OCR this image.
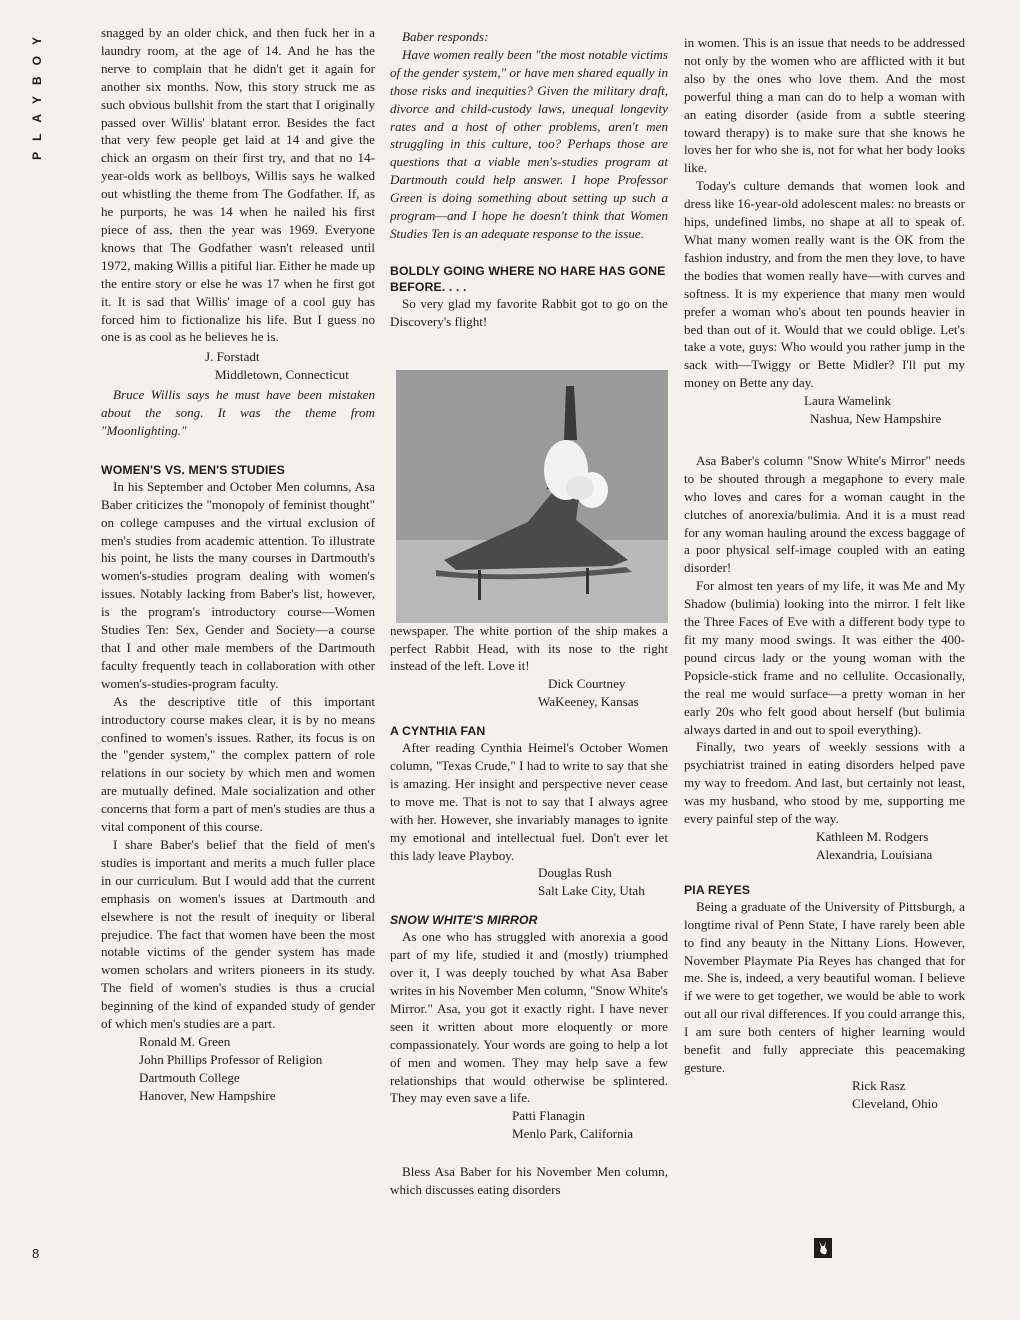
PLAYBOY	snagged by an older chick, and then fuck her in a laundry room, at the age of 14. And he has the nerve to complain that he didn't get it again for another six months. Now, this story struck me as such obvious bullshit from the start that I originally passed over Willis' blatant error. Besides the fact that very few people get laid at 14 and give the chick an orgasm on their first try, and that no 14-year-olds work as bellboys, Willis says he walked out whistling the theme from The Godfather. If, as he purports, he was 14 when he nailed his first piece of ass, then the year was 1969. Everyone knows that The Godfather wasn't released until 1972, making Willis a pitiful liar. Either he made up the entire story or else he was 17 when he first got it. It is sad that Willis' image of a cool guy has forced him to fictionalize his life. But I guess no one is as cool as he believes he is.

J. Forstadt
Middletown, Connecticut

Bruce Willis says he must have been mistaken about the song. It was the theme from "Moonlighting."

WOMEN'S VS. MEN'S STUDIES

In his September and October Men columns, Asa Baber criticizes the "monopoly of feminist thought" on college campuses and the virtual exclusion of men's studies from academic attention. To illustrate his point, he lists the many courses in Dartmouth's women's-studies program dealing with women's issues. Notably lacking from Baber's list, however, is the program's introductory course—Women Studies Ten: Sex, Gender and Society—a course that I and other male members of the Dartmouth faculty frequently teach in collaboration with other women's-studies-program faculty.

As the descriptive title of this important introductory course makes clear, it is by no means confined to women's issues. Rather, its focus is on the "gender system," the complex pattern of role relations in our society by which men and women are mutually defined. Male socialization and other concerns that form a part of men's studies are thus a vital component of this course.

I share Baber's belief that the field of men's studies is important and merits a much fuller place in our curriculum. But I would add that the current emphasis on women's issues at Dartmouth and elsewhere is not the result of inequity or liberal prejudice. The fact that women have been the most notable victims of the gender system has made women scholars and writers pioneers in its study. The field of women's studies is thus a crucial beginning of the kind of expanded study of gender of which men's studies are a part.

Ronald M. Green
John Phillips Professor of Religion
Dartmouth College
Hanover, New Hampshire

Baber responds:

Have women really been "the most notable victims of the gender system," or have men shared equally in those risks and inequities? Given the military draft, divorce and child-custody laws, unequal longevity rates and a host of other problems, aren't men struggling in this culture, too? Perhaps those are questions that a viable men's-studies program at Dartmouth could help answer. I hope Professor Green is doing something about setting up such a program—and I hope he doesn't think that Women Studies Ten is an adequate response to the issue.

BOLDLY GOING WHERE NO HARE HAS GONE BEFORE. . . .

So very glad my favorite Rabbit got to go on the Discovery's flight!

newspaper. The white portion of the ship makes a perfect Rabbit Head, with its nose to the right instead of the left. Love it!

Dick Courtney
WaKeeney, Kansas
A CYNTHIA FAN

After reading Cynthia Heimel's October Women column, "Texas Crude," I had to write to say that she is amazing. Her insight and perspective never cease to move me. That is not to say that I always agree with her. However, she invariably manages to ignite my emotional and intellectual fuel. Don't ever let this lady leave Playboy.

Douglas Rush
Salt Lake City, Utah
SNOW WHITE'S MIRROR

As one who has struggled with anorexia a good part of my life, studied it and (mostly) triumphed over it, I was deeply touched by what Asa Baber writes in his November Men column, "Snow White's Mirror." Asa, you got it exactly right. I have never seen it written about more eloquently or more compassionately. Your words are going to help a lot of men and women. They may help save a few relationships that would otherwise be splintered. They may even save a life.

Patti Flanagin
Menlo Park, California

Bless Asa Baber for his November Men column, which discusses eating disorders

in women. This is an issue that needs to be addressed not only by the women who are afflicted with it but also by the ones who love them. And the most powerful thing a man can do to help a woman with an eating disorder (aside from a subtle steering toward therapy) is to make sure that she knows he loves her for who she is, not for what her body looks like.

Today's culture demands that women look and dress like 16-year-old adolescent males: no breasts or hips, undefined limbs, no shape at all to speak of. What many women really want is the OK from the fashion industry, and from the men they love, to have the bodies that women really have—with curves and softness. It is my experience that many men would prefer a woman who's about ten pounds heavier in bed than out of it. Would that we could oblige. Let's take a vote, guys: Who would you rather jump in the sack with—Twiggy or Bette Midler? I'll put my money on Bette any day.

Laura Wamelink
Nashua, New Hampshire

Asa Baber's column "Snow White's Mirror" needs to be shouted through a megaphone to every male who loves and cares for a woman caught in the clutches of anorexia/bulimia. And it is a must read for any woman hauling around the excess baggage of a poor physical self-image coupled with an eating disorder!

For almost ten years of my life, it was Me and My Shadow (bulimia) looking into the mirror. I felt like the Three Faces of Eve with a different body type to fit my many mood swings. It was either the 400-pound circus lady or the young woman with the Popsicle-stick frame and no cellulite. Occasionally, the real me would surface—a pretty woman in her early 20s who felt good about herself (but bulimia always darted in and out to spoil everything).

Finally, two years of weekly sessions with a psychiatrist trained in eating disorders helped pave my way to freedom. And last, but certainly not least, was my husband, who stood by me, supporting me every painful step of the way.

Kathleen M. Rodgers
Alexandria, Louisiana
PIA REYES

Being a graduate of the University of Pittsburgh, a longtime rival of Penn State, I have rarely been able to find any beauty in the Nittany Lions. However, November Playmate Pia Reyes has changed that for me. She is, indeed, a very beautiful woman. I believe if we were to get together, we would be able to work out all our rival differences. If you could arrange this, I am sure both centers of higher learning would benefit and fully appreciate this peacemaking gesture.

Rick Rasz
Cleveland, Ohio
8
